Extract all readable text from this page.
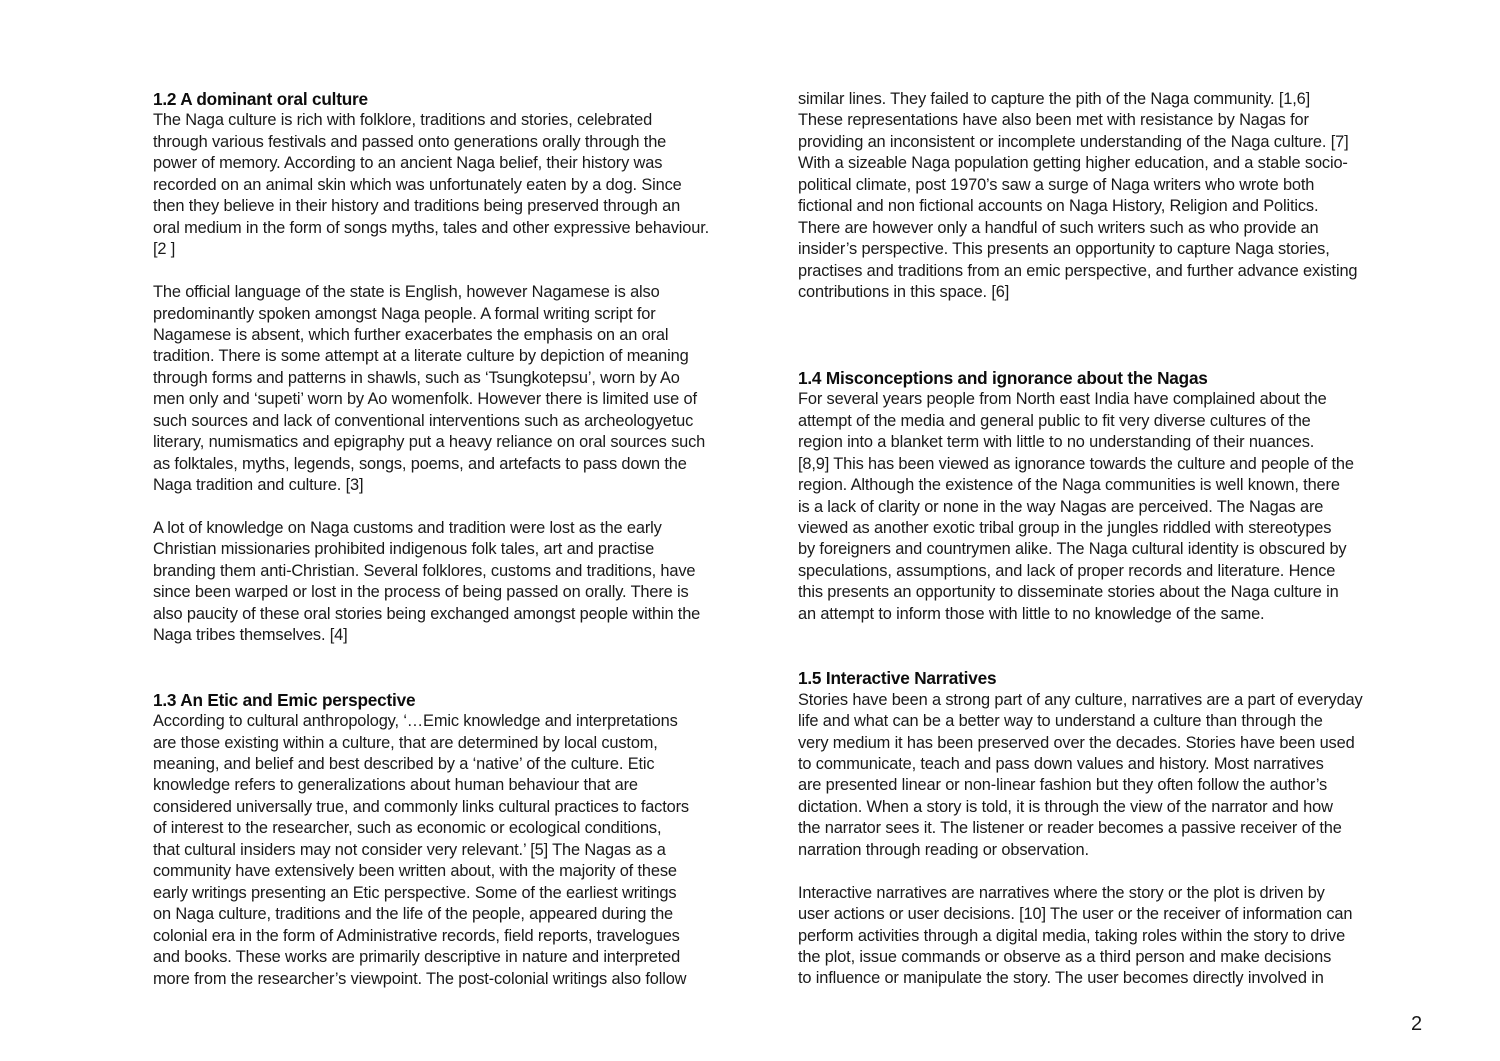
1.2 A dominant oral culture
The Naga culture is rich with folklore, traditions and stories, celebrated
through various festivals and passed onto generations orally through the
power of memory. According to an ancient Naga belief, their history was
recorded on an animal skin which was unfortunately eaten by a dog. Since
then they believe in their history and traditions being preserved through an
oral medium in the form of songs myths, tales and other expressive behaviour.
[2 ]
The official language of the state is English, however Nagamese is also
predominantly spoken amongst Naga people. A formal writing script for
Nagamese is absent, which further exacerbates the emphasis on an oral
tradition. There is some attempt at a literate culture by depiction of meaning
through forms and patterns in shawls, such as ‘Tsungkotepsu’, worn by Ao
men only and ‘supeti’ worn by Ao womenfolk. However there is limited use of
such sources and lack of conventional interventions such as archeologyetuc
literary, numismatics and epigraphy put a heavy reliance on oral sources such
as folktales, myths, legends, songs, poems, and artefacts to pass down the
Naga tradition and culture. [3]
A lot of knowledge on Naga customs and tradition were lost as the early
Christian missionaries prohibited indigenous folk tales, art and practise
branding them anti-Christian. Several folklores, customs and traditions, have
since been warped or lost in the process of being passed on orally. There is
also paucity of these oral stories being exchanged amongst people within the
Naga tribes themselves. [4]
1.3 An Etic and Emic perspective
According to cultural anthropology, ‘…Emic knowledge and interpretations
are those existing within a culture, that are determined by local custom,
meaning, and belief and best described by a ‘native’ of the culture. Etic
knowledge refers to generalizations about human behaviour that are
considered universally true, and commonly links cultural practices to factors
of interest to the researcher, such as economic or ecological conditions,
that cultural insiders may not consider very relevant.’ [5] The Nagas as a
community have extensively been written about, with the majority of these
early writings presenting an Etic perspective. Some of the earliest writings
on Naga culture, traditions and the life of the people, appeared during the
colonial era in the form of Administrative records, field reports, travelogues
and books. These works are primarily descriptive in nature and interpreted
more from the researcher’s viewpoint. The post-colonial writings also follow
similar lines. They failed to capture the pith of the Naga community. [1,6]
These representations have also been met with resistance by Nagas for
providing an inconsistent or incomplete understanding of the Naga culture. [7]
With a sizeable Naga population getting higher education, and a stable socio-
political climate, post 1970’s saw a surge of Naga writers who wrote both
fictional and non fictional accounts on Naga History, Religion and Politics.
There are however only a handful of such writers such as who provide an
insider’s perspective. This presents an opportunity to capture Naga stories,
practises and traditions from an emic perspective, and further advance existing
contributions in this space. [6]
1.4 Misconceptions and ignorance about the Nagas
For several years people from North east India have complained about the
attempt of the media and general public to fit very diverse cultures of the
region into a blanket term with little to no understanding of their nuances.
[8,9] This has been viewed as ignorance towards the culture and people of the
region. Although the existence of the Naga communities is well known, there
is a lack of clarity or none in the way Nagas are perceived. The Nagas are
viewed as another exotic tribal group in the jungles riddled with stereotypes
by foreigners and countrymen alike. The Naga cultural identity is obscured by
speculations, assumptions, and lack of proper records and literature. Hence
this presents an opportunity to disseminate stories about the Naga culture in
an attempt to inform those with little to no knowledge of the same.
1.5 Interactive Narratives
Stories have been a strong part of any culture, narratives are a part of everyday
life and what can be a better way to understand a culture than through the
very medium it has been preserved over the decades. Stories have been used
to communicate, teach and pass down values and history. Most narratives
are presented linear or non-linear fashion but they often follow the author’s
dictation. When a story is told, it is through the view of the narrator and how
the narrator sees it. The listener or reader becomes a passive receiver of the
narration through reading or observation.
Interactive narratives are narratives where the story or the plot is driven by
user actions or user decisions. [10] The user or the receiver of information can
perform activities through a digital media, taking roles within the story to drive
the plot, issue commands or observe as a third person and make decisions
to influence or manipulate the story. The user becomes directly involved in
2
